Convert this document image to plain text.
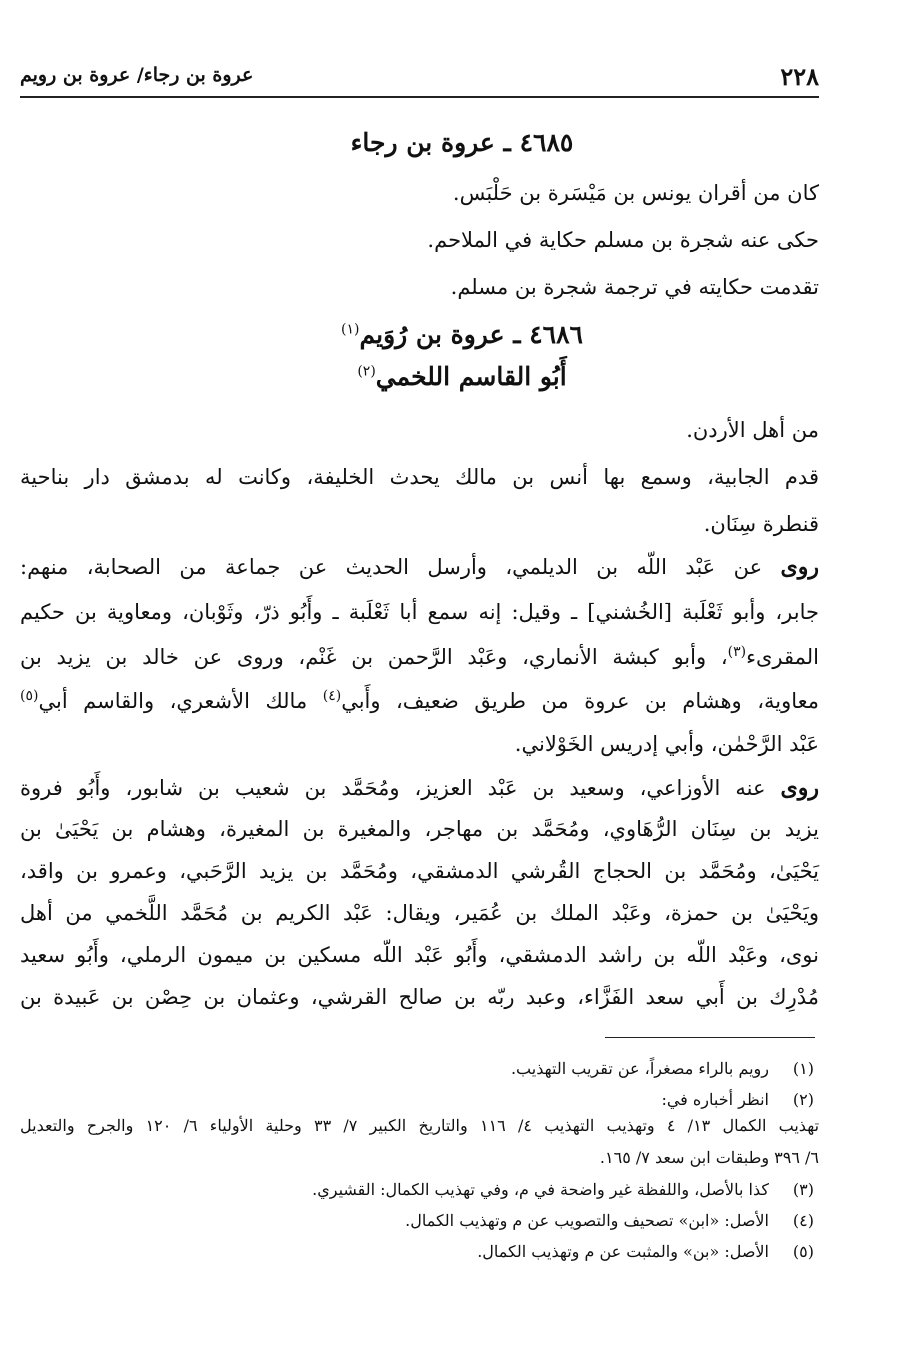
٢٢٨
عروة بن رجاء/ عروة بن رويم
٤٦٨٥ ـ عروة بن رجاء
كان من أقران يونس بن مَيْسَرة بن حَلْبَس.
حكى عنه شجرة بن مسلم حكاية في الملاحم.
تقدمت حكايته في ترجمة شجرة بن مسلم.
٤٦٨٦ ـ عروة بن رُوَيم$^{(١)}$
أَبُو القاسم اللخمي$^{(٢)}$
من أهل الأردن.
قدم الجابية، وسمع بها أنس بن مالك يحدث الخليفة، وكانت له بدمشق دار بناحية
قنطرة سِنَان.
روى عن عَبْد اللّه بن الديلمي، وأرسل الحديث عن جماعة من الصحابة، منهم:
جابر، وأبو ثَعْلَبة [الخُشني] ـ وقيل: إنه سمع أبا ثَعْلَبة ـ وأَبُو ذرّ، وثَوْبان، ومعاوية بن حكيم
المقرىء$^{(٣)}$، وأبو كبشة الأنماري، وعَبْد الرَّحمن بن غَنْم، وروى عن خالد بن يزيد بن
معاوية، وهشام بن عروة من طريق ضعيف، وأَبي$^{(٤)}$ مالك الأشعري، والقاسم أبي$^{(٥)}$
عَبْد الرَّحْمٰن، وأبي إدريس الخَوْلاني.
روى عنه الأوزاعي، وسعيد بن عَبْد العزيز، ومُحَمَّد بن شعيب بن شابور، وأَبُو فروة
يزيد بن سِنَان الرُّهَاوي، ومُحَمَّد بن مهاجر، والمغيرة بن المغيرة، وهشام بن يَحْيَىٰ بن
يَحْيَىٰ، ومُحَمَّد بن الحجاج القُرشي الدمشقي، ومُحَمَّد بن يزيد الرَّحَبي، وعمرو بن واقد،
ويَحْيَىٰ بن حمزة، وعَبْد الملك بن عُمَير، ويقال: عَبْد الكريم بن مُحَمَّد اللَّخمي من أهل
نوى، وعَبْد اللّه بن راشد الدمشقي، وأَبُو عَبْد اللّه مسكين بن ميمون الرملي، وأَبُو سعيد
مُدْرِك بن أَبي سعد الفَزَّاء، وعبد ربّه بن صالح القرشي، وعثمان بن حِصْن بن عَبيدة بن
(١)رويم بالراء مصغراً، عن تقريب التهذيب.
(٢)انظر أخباره في:
تهذيب الكمال ١٣/ ٤ وتهذيب التهذيب ٤/ ١١٦ والتاريخ الكبير ٧/ ٣٣ وحلية الأولياء ٦/ ١٢٠ والجرح والتعديل
٦/ ٣٩٦ وطبقات ابن سعد ٧/ ١٦٥.
(٣)كذا بالأصل، واللفظة غير واضحة في م، وفي تهذيب الكمال: القشيري.
(٤)الأصل: «ابن» تصحيف والتصويب عن م وتهذيب الكمال.
(٥)الأصل: «بن» والمثبت عن م وتهذيب الكمال.
